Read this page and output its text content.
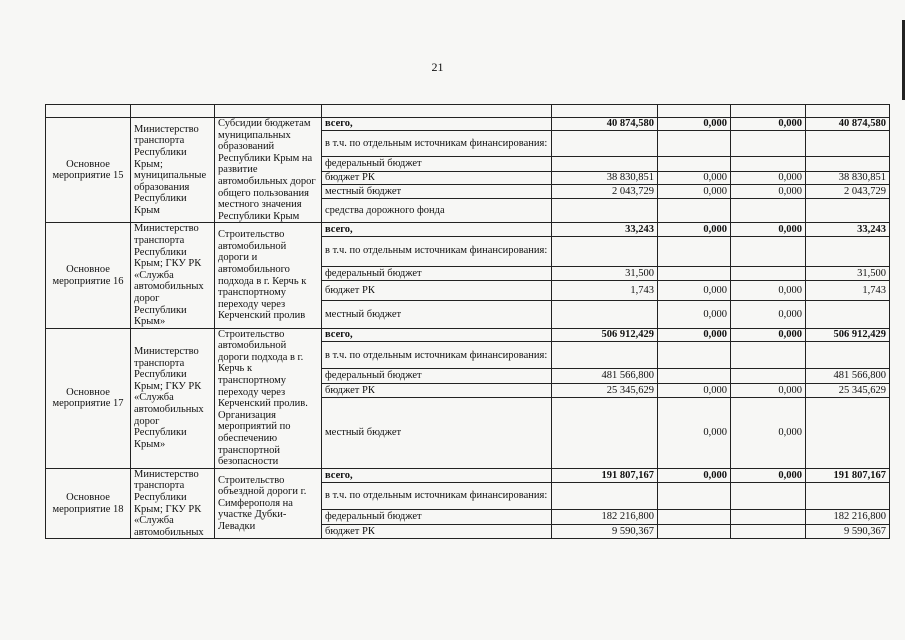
21

Основное мероприятие 15	Министерство транспорта Республики Крым; муниципальные образования Республики Крым	Субсидии бюджетам муниципальных образований Республики Крым на развитие автомобильных дорог общего пользования местного значения Республики Крым	всего,	40 874,580	0,000	0,000	40 874,580
			в т.ч. по отдельным источникам финансирования:				
			федеральный бюджет				
			бюджет РК	38 830,851	0,000	0,000	38 830,851
			местный бюджет	2 043,729	0,000	0,000	2 043,729
			средства дорожного фонда				
Основное мероприятие 16	Министерство транспорта Республики Крым; ГКУ РК «Служба автомобильных дорог Республики Крым»	Строительство автомобильной дороги и автомобильного подхода в г. Керчь к транспортному переходу через Керченский пролив	всего,	33,243	0,000	0,000	33,243
			в т.ч. по отдельным источникам финансирования:				
			федеральный бюджет	31,500			31,500
			бюджет РК	1,743	0,000	0,000	1,743
			местный бюджет		0,000	0,000	
Основное мероприятие 17	Министерство транспорта Республики Крым; ГКУ РК «Служба автомобильных дорог Республики Крым»	Строительство автомобильной дороги подхода в г. Керчь к транспортному переходу через Керченский пролив. Организация мероприятий по обеспечению транспортной безопасности	всего,	506 912,429	0,000	0,000	506 912,429
			в т.ч. по отдельным источникам финансирования:				
			федеральный бюджет	481 566,800			481 566,800
			бюджет РК	25 345,629	0,000	0,000	25 345,629
			местный бюджет		0,000	0,000	
Основное мероприятие 18	Министерство транспорта Республики Крым; ГКУ РК «Служба автомобильных	Строительство объездной дороги г. Симферополя на участке Дубки-Левадки	всего,	191 807,167	0,000	0,000	191 807,167
			в т.ч. по отдельным источникам финансирования:				
			федеральный бюджет	182 216,800			182 216,800
			бюджет РК	9 590,367			9 590,367
